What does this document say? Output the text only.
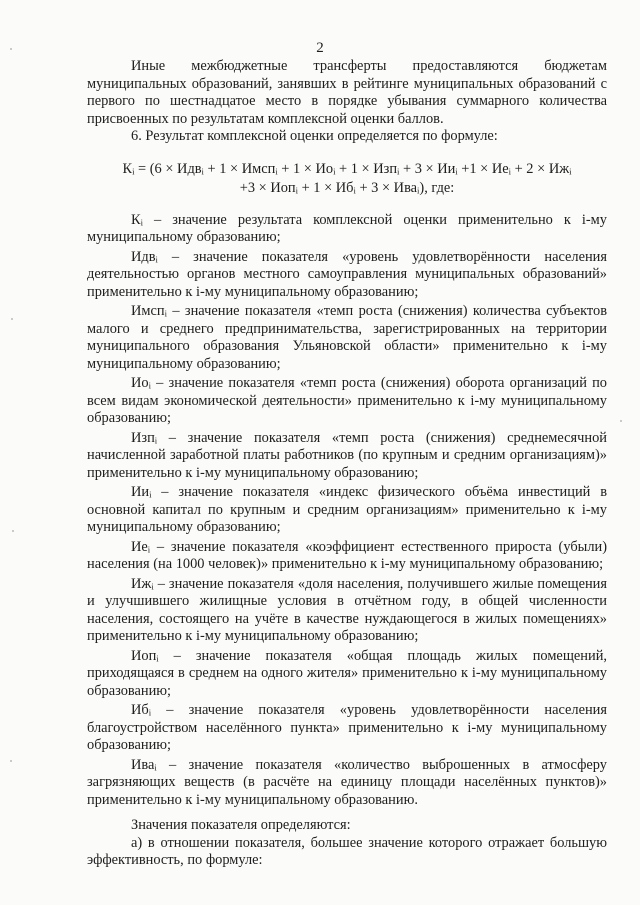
2

Иные межбюджетные трансферты предоставляются бюджетам муниципальных образований, занявших в рейтинге муниципальных образований с первого по шестнадцатое место в порядке убывания суммарного количества присвоенных по результатам комплексной оценки баллов.

6. Результат комплексной оценки определяется по формуле:

Кᵢ = (6 × Идвᵢ + 1 × Имспᵢ + 1 × Иоᵢ + 1 × Изпᵢ + 3 × Ииᵢ +1 × Иеᵢ + 2 × Ижᵢ
+3 × Иопᵢ + 1 × Ибᵢ + 3 × Иваᵢ), где:

Кᵢ – значение результата комплексной оценки применительно к i-му муниципальному образованию;

Идвᵢ – значение показателя «уровень удовлетворённости населения деятельностью органов местного самоуправления муниципальных образований» применительно к i-му муниципальному образованию;

Имспᵢ – значение показателя «темп роста (снижения) количества субъектов малого и среднего предпринимательства, зарегистрированных на территории муниципального образования Ульяновской области» применительно к i-му муниципальному образованию;

Иоᵢ – значение показателя «темп роста (снижения) оборота организаций по всем видам экономической деятельности» применительно к i-му муниципальному образованию;

Изпᵢ – значение показателя «темп роста (снижения) среднемесячной начисленной заработной платы работников (по крупным и средним организациям)» применительно к i-му муниципальному образованию;

Ииᵢ – значение показателя «индекс физического объёма инвестиций в основной капитал по крупным и средним организациям» применительно к i-му муниципальному образованию;

Иеᵢ – значение показателя «коэффициент естественного прироста (убыли) населения (на 1000 человек)» применительно к i-му муниципальному образованию;

Ижᵢ – значение показателя «доля населения, получившего жилые помещения и улучшившего жилищные условия в отчётном году, в общей численности населения, состоящего на учёте в качестве нуждающегося в жилых помещениях» применительно к i-му муниципальному образованию;

Иопᵢ – значение показателя «общая площадь жилых помещений, приходящаяся в среднем на одного жителя» применительно к i-му муниципальному образованию;

Ибᵢ – значение показателя «уровень удовлетворённости населения благоустройством населённого пункта» применительно к i-му муниципальному образованию;

Иваᵢ – значение показателя «количество выброшенных в атмосферу загрязняющих веществ (в расчёте на единицу площади населённых пунктов)» применительно к i-му муниципальному образованию.

Значения показателя определяются:

а) в отношении показателя, большее значение которого отражает большую эффективность, по формуле:
